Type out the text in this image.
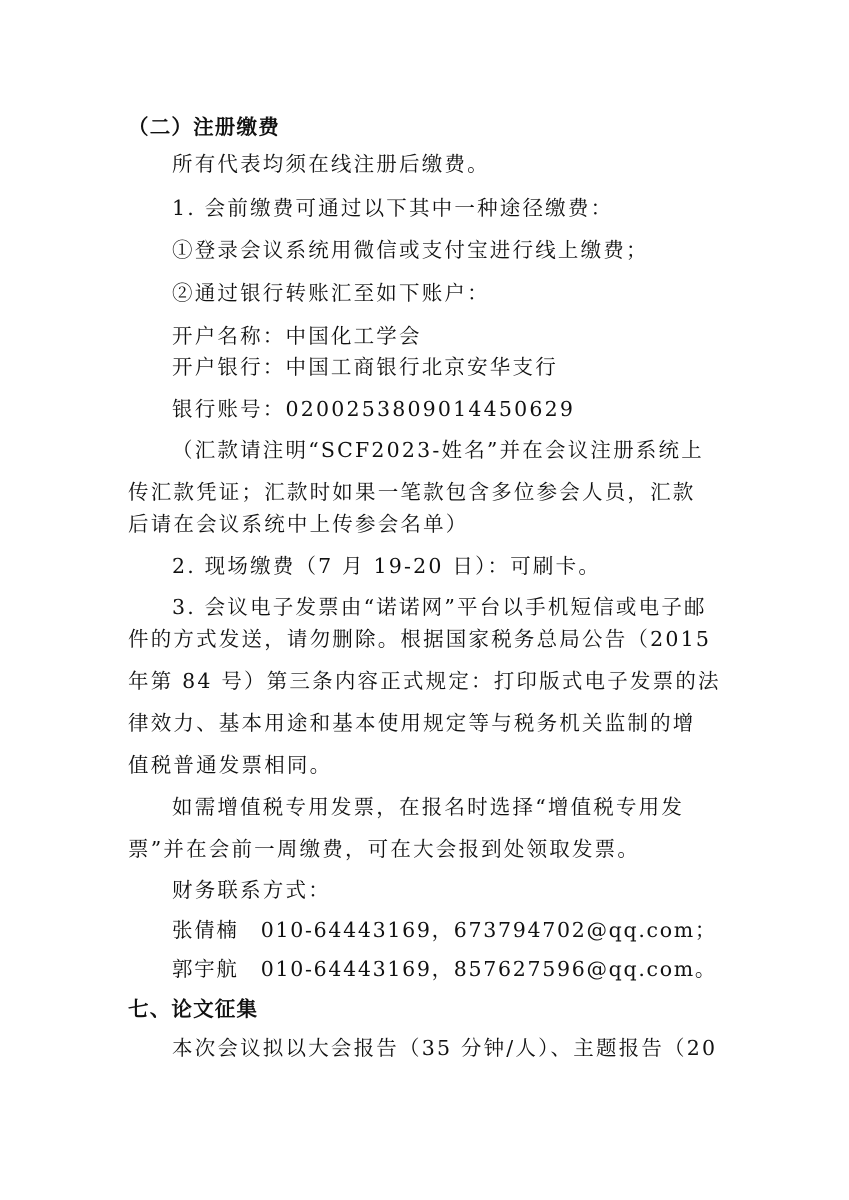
（二）注册缴费
所有代表均须在线注册后缴费。
1. 会前缴费可通过以下其中一种途径缴费：
①登录会议系统用微信或支付宝进行线上缴费；
②通过银行转账汇至如下账户：
开户名称：中国化工学会
开户银行：中国工商银行北京安华支行
银行账号：0200253809014450629
（汇款请注明“SCF2023-姓名”并在会议注册系统上
传汇款凭证；汇款时如果一笔款包含多位参会人员，汇款
后请在会议系统中上传参会名单）
2. 现场缴费（7 月 19-20 日）：可刷卡。
3. 会议电子发票由“诺诺网”平台以手机短信或电子邮
件的方式发送，请勿删除。根据国家税务总局公告（2015
年第 84 号）第三条内容正式规定：打印版式电子发票的法
律效力、基本用途和基本使用规定等与税务机关监制的增
值税普通发票相同。
如需增值税专用发票，在报名时选择“增值税专用发
票”并在会前一周缴费，可在大会报到处领取发票。
财务联系方式：
张倩楠　010-64443169，673794702@qq.com；
郭宇航　010-64443169，857627596@qq.com。
七、论文征集
本次会议拟以大会报告（35 分钟/人）、主题报告（20
